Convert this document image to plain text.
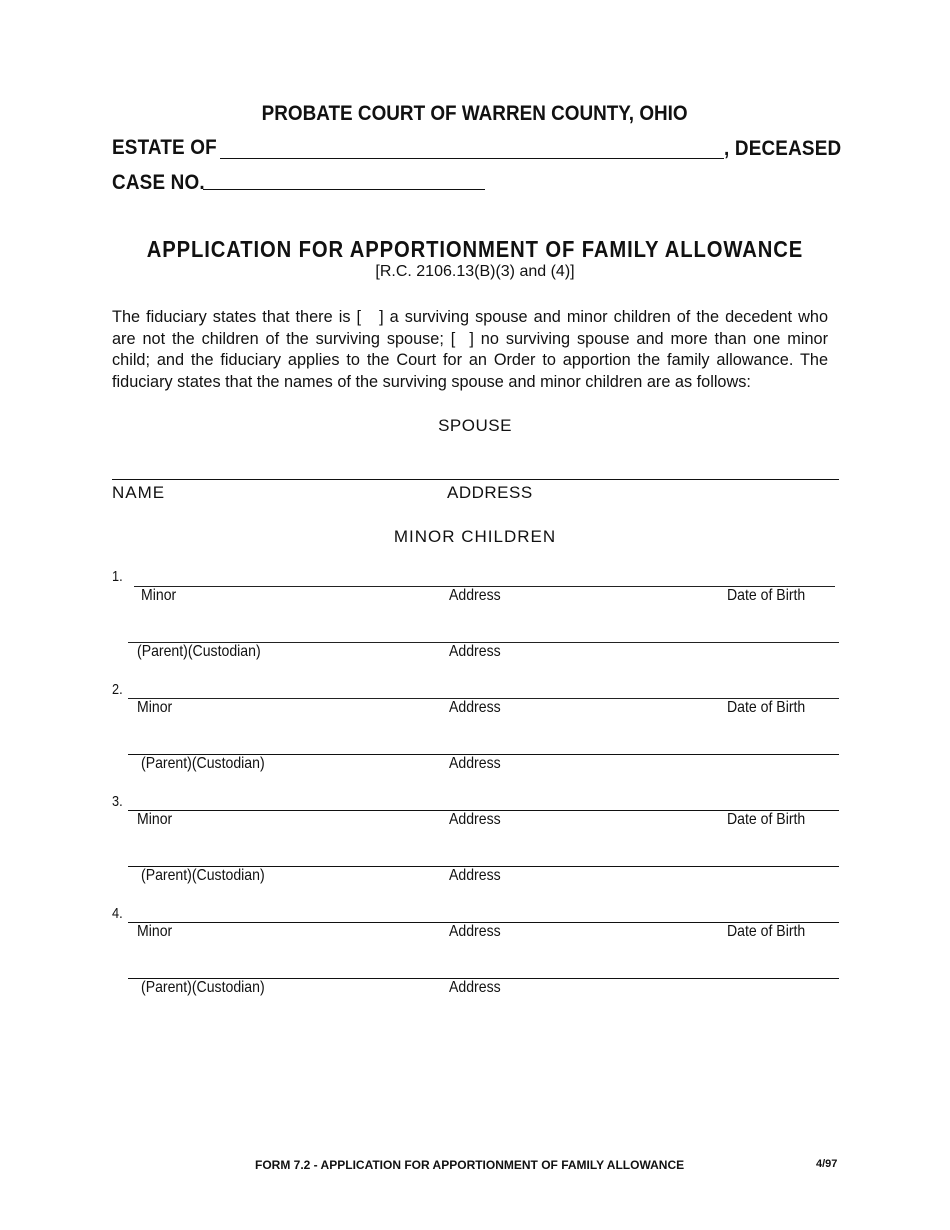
PROBATE COURT OF WARREN COUNTY, OHIO
ESTATE OF	, DECEASED
CASE NO.
APPLICATION FOR APPORTIONMENT OF FAMILY ALLOWANCE
[R.C. 2106.13(B)(3) and (4)]
The fiduciary states that there is [ ] a surviving spouse and minor children of the decedent who are not the children of the surviving spouse; [ ] no surviving spouse and more than one minor child; and the fiduciary applies to the Court for an Order to apportion the family allowance. The fiduciary states that the names of the surviving spouse and minor children are as follows:
SPOUSE
NAME	ADDRESS
MINOR CHILDREN
1.
Minor	Address	Date of Birth
(Parent)(Custodian)	Address
2.
Minor	Address	Date of Birth
(Parent)(Custodian)	Address
3.
Minor	Address	Date of Birth
(Parent)(Custodian)	Address
4.
Minor	Address	Date of Birth
(Parent)(Custodian)	Address
FORM 7.2 - APPLICATION FOR APPORTIONMENT OF FAMILY ALLOWANCE	4/97
